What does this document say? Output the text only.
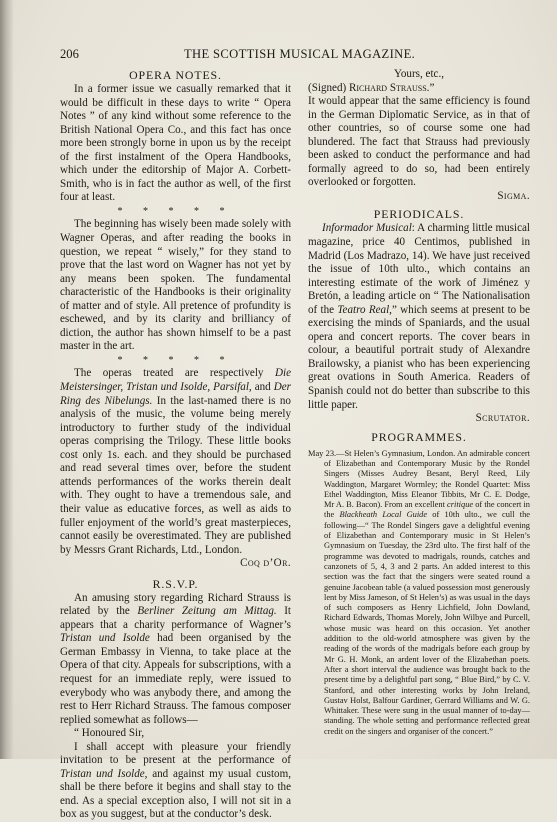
206	THE SCOTTISH MUSICAL MAGAZINE.
OPERA NOTES.

In a former issue we casually remarked that it would be difficult in these days to write “ Opera Notes ” of any kind without some reference to the British National Opera Co., and this fact has once more been strongly borne in upon us by the receipt of the first instalment of the Opera Handbooks, which under the editorship of Major A. Corbett-Smith, who is in fact the author as well, of the first four at least.

* * * * *

The beginning has wisely been made solely with Wagner Operas, and after reading the books in question, we repeat “ wisely,” for they stand to prove that the last word on Wagner has not yet by any means been spoken. The fundamental characteristic of the Handbooks is their originality of matter and of style. All pretence of profundity is eschewed, and by its clarity and brilliancy of diction, the author has shown himself to be a past master in the art.

* * * * *

The operas treated are respectively Die Meistersinger, Tristan und Isolde, Parsifal, and Der Ring des Nibelungs. In the last-named there is no analysis of the music, the volume being merely introductory to further study of the individual operas comprising the Trilogy. These little books cost only 1s. each. and they should be purchased and read several times over, before the student attends performances of the works therein dealt with. They ought to have a tremendous sale, and their value as educative forces, as well as aids to fuller enjoyment of the world’s great masterpieces, cannot easily be overestimated. They are published by Messrs Grant Richards, Ltd., London.

Coq d’Or.
R.S.V.P.

An amusing story regarding Richard Strauss is related by the Berliner Zeitung am Mittag. It appears that a charity performance of Wagner’s Tristan und Isolde had been organised by the German Embassy in Vienna, to take place at the Opera of that city. Appeals for subscriptions, with a request for an immediate reply, were issued to everybody who was anybody there, and among the rest to Herr Richard Strauss. The famous composer replied somewhat as follows—

“ Honoured Sir,

I shall accept with pleasure your friendly invitation to be present at the performance of Tristan und Isolde, and against my usual custom, shall be there before it begins and shall stay to the end. As a special exception also, I will not sit in a box as you suggest, but at the conductor’s desk.

Yours, etc.,

(Signed) Richard Strauss.”

It would appear that the same efficiency is found in the German Diplomatic Service, as in that of other countries, so of course some one had blundered. The fact that Strauss had previously been asked to conduct the performance and had formally agreed to do so, had been entirely overlooked or forgotten.

Sigma.
PERIODICALS.

Informador Musical: A charming little musical magazine, price 40 Centimos, published in Madrid (Los Madrazo, 14). We have just received the issue of 10th ulto., which contains an interesting estimate of the work of Jiménez y Bretón, a leading article on “ The Nationalisation of the Teatro Real,” which seems at present to be exercising the minds of Spaniards, and the usual opera and concert reports. The cover bears in colour, a beautiful portrait study of Alexandre Brailowsky, a pianist who has been experiencing great ovations in South America. Readers of Spanish could not do better than subscribe to this little paper.

Scrutator.
PROGRAMMES.

May 23.—St Helen’s Gymnasium, London. An admirable concert of Elizabethan and Contemporary Music by the Rondel Singers (Misses Audrey Besant, Beryl Reed, Lily Waddington, Margaret Wormley; the Rondel Quartet: Miss Ethel Waddington, Miss Eleanor Tibbits, Mr C. E. Dodge, Mr A. B. Bacon). From an excellent critique of the concert in the Blackheath Local Guide of 10th ulto., we cull the following—“ The Rondel Singers gave a delightful evening of Elizabethan and Contemporary music in St Helen’s Gymnasium on Tuesday, the 23rd ulto. The first half of the programme was devoted to madrigals, rounds, catches and canzonets of 5, 4, 3 and 2 parts. An added interest to this section was the fact that the singers were seated round a genuine Jacobean table (a valued possession most generously lent by Miss Jameson, of St Helen’s) as was usual in the days of such composers as Henry Lichfield, John Dowland, Richard Edwards, Thomas Morely, John Wilbye and Purcell, whose music was heard on this occasion. Yet another addition to the old-world atmosphere was given by the reading of the words of the madrigals before each group by Mr G. H. Monk, an ardent lover of the Elizabethan poets. After a short interval the audience was brought back to the present time by a delightful part song, “ Blue Bird,” by C. V. Stanford, and other interesting works by John Ireland, Gustav Holst, Balfour Gardiner, Gerrard Williams and W. G. Whittaker. These were sung in the usual manner of to-day—standing. The whole setting and performance reflected great credit on the singers and organiser of the concert.”
